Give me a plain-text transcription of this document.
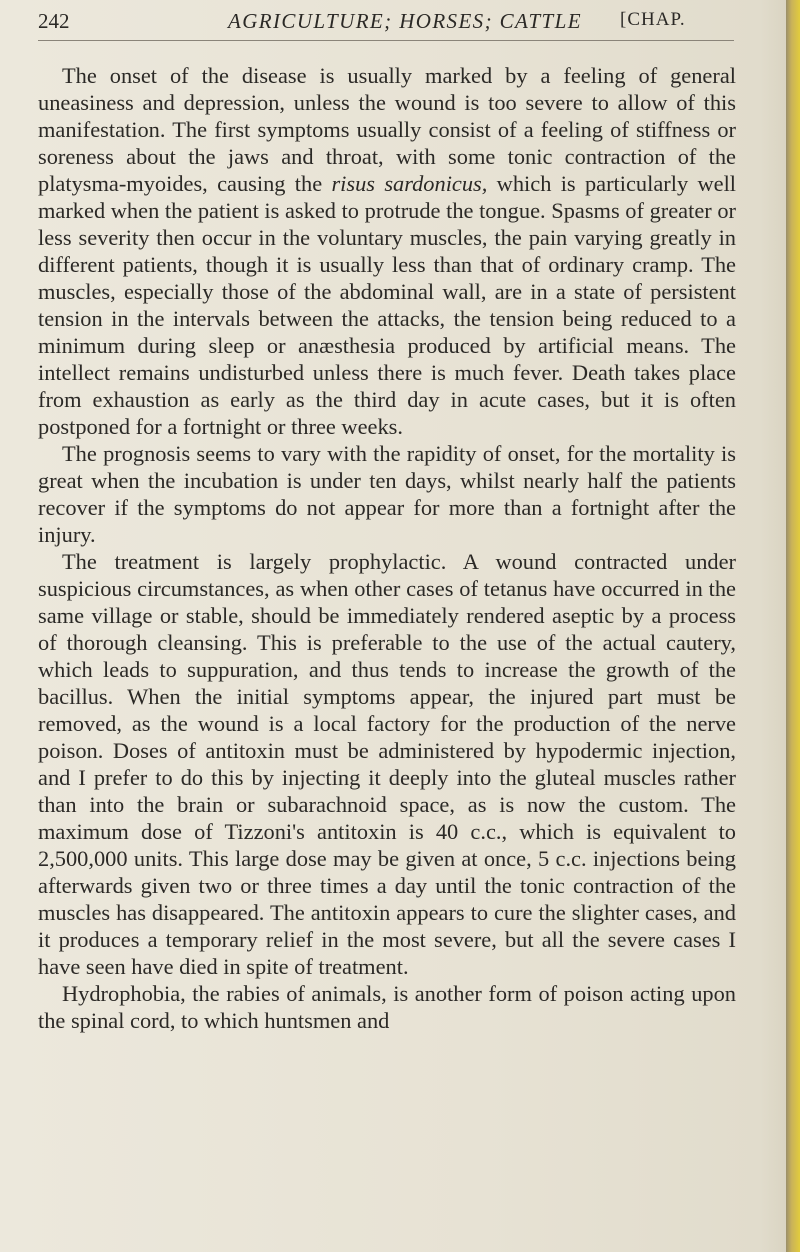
242	AGRICULTURE; HORSES; CATTLE [CHAP.

The onset of the disease is usually marked by a feeling of general uneasiness and depression, unless the wound is too severe to allow of this manifestation. The first symptoms usually consist of a feeling of stiffness or soreness about the jaws and throat, with some tonic contraction of the platysma-myoides, causing the risus sardonicus, which is particularly well marked when the patient is asked to protrude the tongue. Spasms of greater or less severity then occur in the voluntary muscles, the pain varying greatly in different patients, though it is usually less than that of ordinary cramp. The muscles, especially those of the abdominal wall, are in a state of persistent tension in the intervals between the attacks, the tension being reduced to a minimum during sleep or anæsthesia produced by artificial means. The intellect remains undisturbed unless there is much fever. Death takes place from exhaustion as early as the third day in acute cases, but it is often postponed for a fortnight or three weeks.

The prognosis seems to vary with the rapidity of onset, for the mortality is great when the incubation is under ten days, whilst nearly half the patients recover if the symptoms do not appear for more than a fortnight after the injury.

The treatment is largely prophylactic. A wound contracted under suspicious circumstances, as when other cases of tetanus have occurred in the same village or stable, should be immediately rendered aseptic by a process of thorough cleansing. This is preferable to the use of the actual cautery, which leads to suppuration, and thus tends to increase the growth of the bacillus. When the initial symptoms appear, the injured part must be removed, as the wound is a local factory for the production of the nerve poison. Doses of antitoxin must be administered by hypodermic injection, and I prefer to do this by injecting it deeply into the gluteal muscles rather than into the brain or subarachnoid space, as is now the custom. The maximum dose of Tizzoni's antitoxin is 40 c.c., which is equivalent to 2,500,000 units. This large dose may be given at once, 5 c.c. injections being afterwards given two or three times a day until the tonic contraction of the muscles has disappeared. The antitoxin appears to cure the slighter cases, and it produces a temporary relief in the most severe, but all the severe cases I have seen have died in spite of treatment.

Hydrophobia, the rabies of animals, is another form of poison acting upon the spinal cord, to which huntsmen and
